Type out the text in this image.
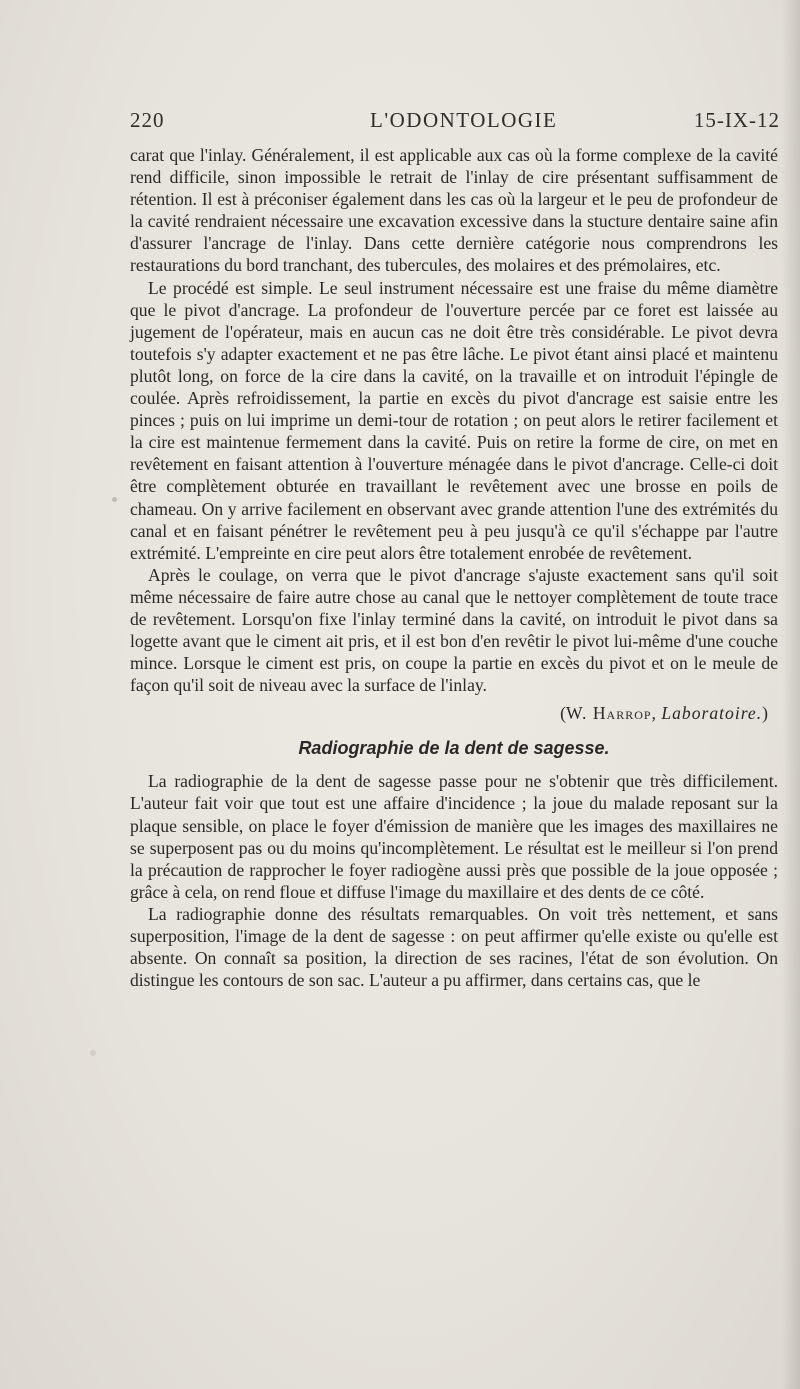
220	L'ODONTOLOGIE	15-IX-12

carat que l'inlay. Généralement, il est applicable aux cas où la forme complexe de la cavité rend difficile, sinon impossible le retrait de l'inlay de cire présentant suffisamment de rétention. Il est à préconiser également dans les cas où la largeur et le peu de profondeur de la cavité rendraient nécessaire une excavation excessive dans la stucture dentaire saine afin d'assurer l'ancrage de l'inlay. Dans cette dernière catégorie nous comprendrons les restaurations du bord tranchant, des tubercules, des molaires et des prémolaires, etc.

Le procédé est simple. Le seul instrument nécessaire est une fraise du même diamètre que le pivot d'ancrage. La profondeur de l'ouverture percée par ce foret est laissée au jugement de l'opérateur, mais en aucun cas ne doit être très considérable. Le pivot devra toutefois s'y adapter exactement et ne pas être lâche. Le pivot étant ainsi placé et maintenu plutôt long, on force de la cire dans la cavité, on la travaille et on introduit l'épingle de coulée. Après refroidissement, la partie en excès du pivot d'ancrage est saisie entre les pinces ; puis on lui imprime un demi-tour de rotation ; on peut alors le retirer facilement et la cire est maintenue fermement dans la cavité. Puis on retire la forme de cire, on met en revêtement en faisant attention à l'ouverture ménagée dans le pivot d'ancrage. Celle-ci doit être complètement obturée en travaillant le revêtement avec une brosse en poils de chameau. On y arrive facilement en observant avec grande attention l'une des extrémités du canal et en faisant pénétrer le revêtement peu à peu jusqu'à ce qu'il s'échappe par l'autre extrémité. L'empreinte en cire peut alors être totalement enrobée de revêtement.

Après le coulage, on verra que le pivot d'ancrage s'ajuste exactement sans qu'il soit même nécessaire de faire autre chose au canal que le nettoyer complètement de toute trace de revêtement. Lorsqu'on fixe l'inlay terminé dans la cavité, on introduit le pivot dans sa logette avant que le ciment ait pris, et il est bon d'en revêtir le pivot lui-même d'une couche mince. Lorsque le ciment est pris, on coupe la partie en excès du pivot et on le meule de façon qu'il soit de niveau avec la surface de l'inlay.

(W. Harrop, Laboratoire.)
Radiographie de la dent de sagesse.

La radiographie de la dent de sagesse passe pour ne s'obtenir que très difficilement. L'auteur fait voir que tout est une affaire d'incidence ; la joue du malade reposant sur la plaque sensible, on place le foyer d'émission de manière que les images des maxillaires ne se superposent pas ou du moins qu'incomplètement. Le résultat est le meilleur si l'on prend la précaution de rapprocher le foyer radiogène aussi près que possible de la joue opposée ; grâce à cela, on rend floue et diffuse l'image du maxillaire et des dents de ce côté.

La radiographie donne des résultats remarquables. On voit très nettement, et sans superposition, l'image de la dent de sagesse : on peut affirmer qu'elle existe ou qu'elle est absente. On connaît sa position, la direction de ses racines, l'état de son évolution. On distingue les contours de son sac. L'auteur a pu affirmer, dans certains cas, que le
